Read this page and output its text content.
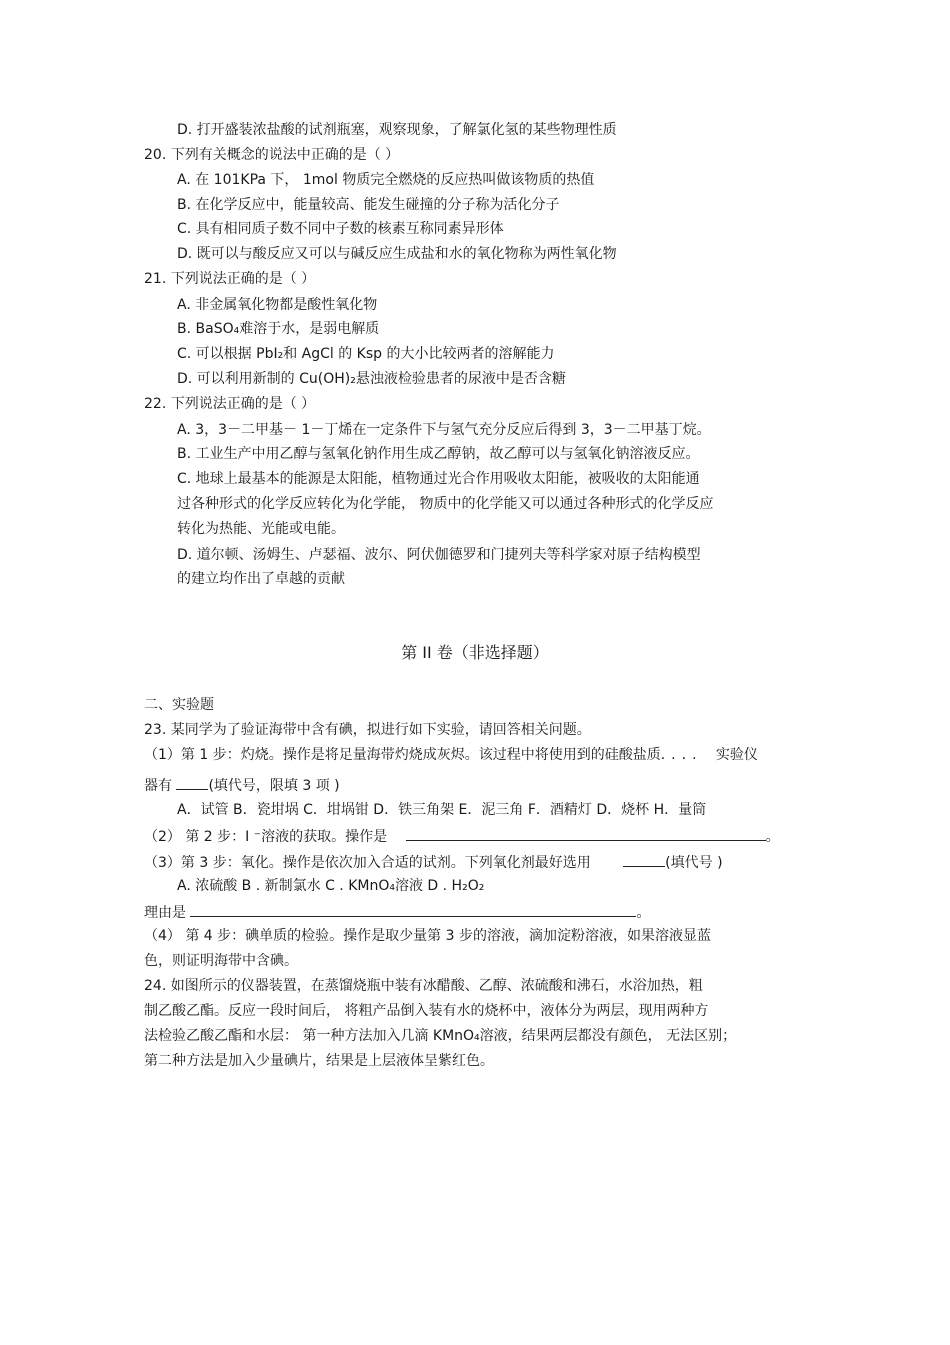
D. 打开盛装浓盐酸的试剂瓶塞，观察现象，了解氯化氢的某些物理性质
20. 下列有关概念的说法中正确的是（ ）
A. 在 101KPa 下， 1mol 物质完全燃烧的反应热叫做该物质的热值
B. 在化学反应中，能量较高、能发生碰撞的分子称为活化分子
C. 具有相同质子数不同中子数的核素互称同素异形体
D. 既可以与酸反应又可以与碱反应生成盐和水的氧化物称为两性氧化物
21. 下列说法正确的是（ ）
A. 非金属氧化物都是酸性氧化物
B. BaSO₄难溶于水，是弱电解质
C. 可以根据 PbI₂和 AgCl 的 Ksp 的大小比较两者的溶解能力
D. 可以利用新制的 Cu(OH)₂悬浊液检验患者的尿液中是否含糖
22. 下列说法正确的是（ ）
A. 3，3－二甲基－ 1－丁烯在一定条件下与氢气充分反应后得到 3，3－二甲基丁烷。
B. 工业生产中用乙醇与氢氧化钠作用生成乙醇钠，故乙醇可以与氢氧化钠溶液反应。
C. 地球上最基本的能源是太阳能，植物通过光合作用吸收太阳能，被吸收的太阳能通
过各种形式的化学反应转化为化学能， 物质中的化学能又可以通过各种形式的化学反应
转化为热能、光能或电能。
D. 道尔顿、汤姆生、卢瑟福、波尔、阿伏伽德罗和门捷列夫等科学家对原子结构模型
的建立均作出了卓越的贡献
第 II 卷（非选择题）
二、实验题
23. 某同学为了验证海带中含有碘，拟进行如下实验，请回答相关问题。
（1）第 1 步：灼烧。操作是将足量海带灼烧成灰烬。该过程中将使用到的硅酸盐质···· 实验仪
器有	(填代号，限填 3 项 )
A．试管 B．瓷坩埚 C．坩埚钳 D．铁三角架 E．泥三角 F．酒精灯 D．烧杯 H．量筒
（2） 第 2 步：I ⁻溶液的获取。操作是	。
（3）第 3 步：氧化。操作是依次加入合适的试剂。下列氧化剂最好选用	(填代号 )
A. 浓硫酸 B . 新制氯水 C . KMnO₄溶液 D . H₂O₂
理由是	。
（4） 第 4 步：碘单质的检验。操作是取少量第 3 步的溶液，滴加淀粉溶液，如果溶液显蓝
色，则证明海带中含碘。
24. 如图所示的仪器装置，在蒸馏烧瓶中装有冰醋酸、乙醇、浓硫酸和沸石，水浴加热，粗
制乙酸乙酯。反应一段时间后， 将粗产品倒入装有水的烧杯中，液体分为两层，现用两种方
法检验乙酸乙酯和水层： 第一种方法加入几滴 KMnO₄溶液，结果两层都没有颜色， 无法区别；
第二种方法是加入少量碘片，结果是上层液体呈紫红色。
